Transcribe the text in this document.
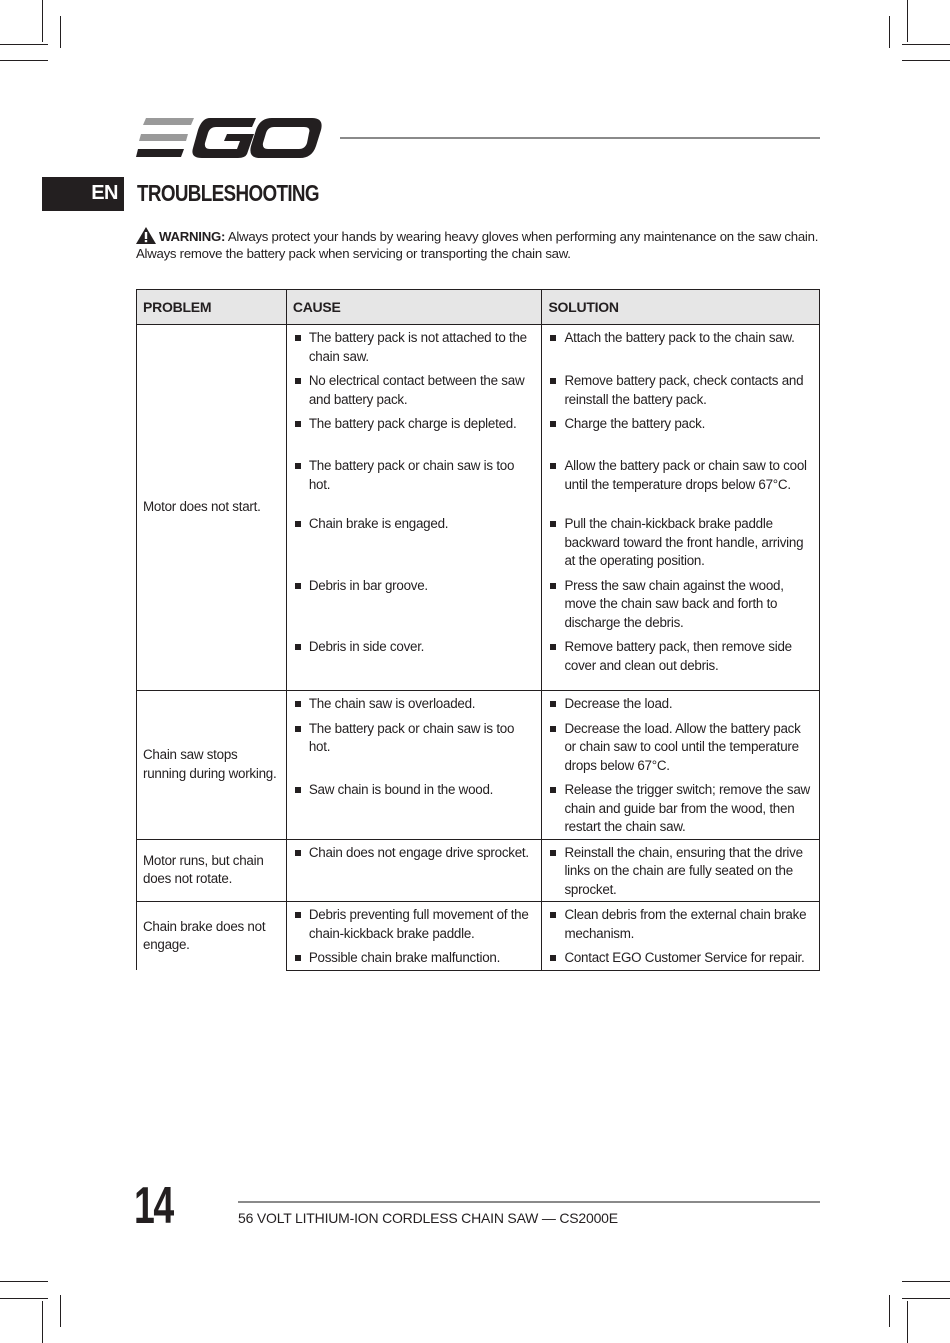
EN TROUBLESHOOTING
WARNING: Always protect your hands by wearing heavy gloves when performing any maintenance on the saw chain. Always remove the battery pack when servicing or transporting the chain saw.
PROBLEM	CAUSE	SOLUTION
Motor does not start.	The battery pack is not attached to the chain saw.	Attach the battery pack to the chain saw.

	No electrical contact between the saw and battery pack.	Remove battery pack, check contacts and reinstall the battery pack.

	The battery pack charge is depleted.	Charge the battery pack.

	The battery pack or chain saw is too hot.	Allow the battery pack or chain saw to cool until the temperature drops below 67°C.

	Chain brake is engaged.	Pull the chain-kickback brake paddle backward toward the front handle, arriving at the operating position.

	Debris in bar groove.	Press the saw chain against the wood, move the chain saw back and forth to discharge the debris.

	Debris in side cover.	Remove battery pack, then remove side cover and clean out debris.

Chain saw stops running during working.	The chain saw is overloaded.	Decrease the load.

	The battery pack or chain saw is too hot.	Decrease the load. Allow the battery pack or chain saw to cool until the temperature drops below 67°C.

	Saw chain is bound in the wood.	Release the trigger switch; remove the saw chain and guide bar from the wood, then restart the chain saw.

Motor runs, but chain does not rotate.	Chain does not engage drive sprocket.	Reinstall the chain, ensuring that the drive links on the chain are fully seated on the sprocket.

Chain brake does not engage.	Debris preventing full movement of the chain-kickback brake paddle.	Clean debris from the external chain brake mechanism.

	Possible chain brake malfunction.	Contact EGO Customer Service for repair.
14	56 VOLT LITHIUM-ION CORDLESS CHAIN SAW — CS2000E
